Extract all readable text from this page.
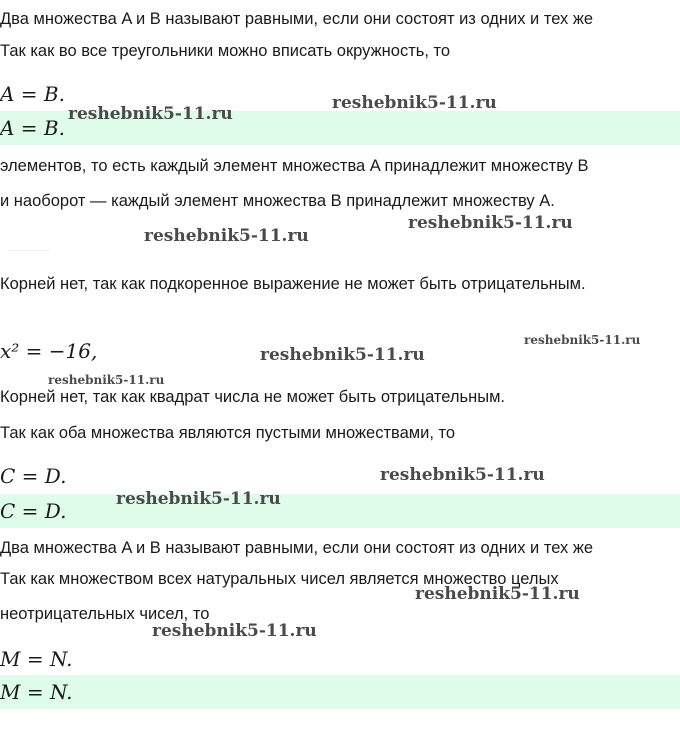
Два множества A и B называют равными, если они состоят из одних и тех же
Так как во все треугольники можно вписать окружность, то
A = B.
A = B.
элементов, то есть каждый элемент множества A принадлежит множеству B
и наоборот — каждый элемент множества B принадлежит множеству A.
Корней нет, так как подкоренное выражение не может быть отрицательным.
x² = −16,
Корней нет, так как квадрат числа не может быть отрицательным.
Так как оба множества являются пустыми множествами, то
C = D.
C = D.
Два множества A и B называют равными, если они состоят из одних и тех же
Так как множеством всех натуральных чисел является множество целых
неотрицательных чисел, то
M = N.
M = N.
reshebnik5-11.ru
reshebnik5-11.ru
reshebnik5-11.ru
reshebnik5-11.ru
reshebnik5-11.ru
reshebnik5-11.ru
reshebnik5-11.ru
reshebnik5-11.ru
reshebnik5-11.ru
reshebnik5-11.ru
reshebnik5-11.ru
